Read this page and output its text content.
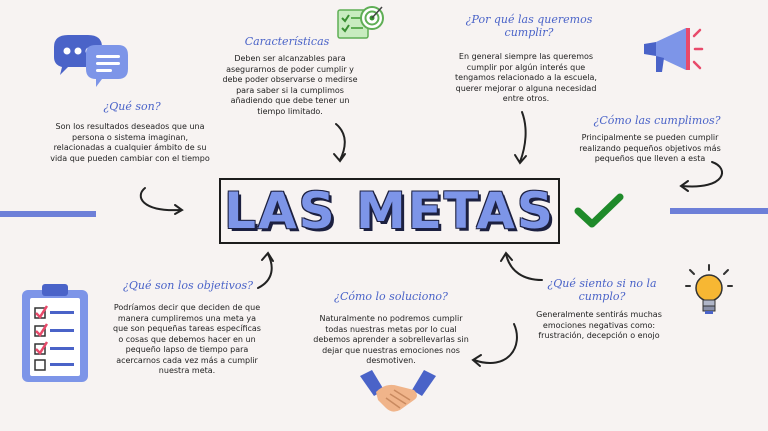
LAS METAS
¿Qué son?
Son los resultados deseados que una persona o sistema imaginan, relacionadas a cualquier ámbito de su vida que pueden cambiar con el tiempo
Características
Deben ser alcanzables para asegurarnos de poder cumplir y debe poder observarse o medirse para saber si la cumplimos añadiendo que debe tener un tiempo limitado.
¿Por qué las queremos cumplir?
En general siempre las queremos cumplir por algún interés que tengamos relacionado a la escuela, querer mejorar o alguna necesidad entre otros.
¿Cómo las cumplimos?
Principalmente se pueden cumplir realizando pequeños objetivos más pequeños que lleven a esta
¿Qué son los objetivos?
Podríamos decir que deciden de que manera cumpliremos una meta ya que son pequeñas tareas específicas o cosas que debemos hacer en un pequeño lapso de tiempo para acercarnos cada vez más a cumplir nuestra meta.
¿Cómo lo soluciono?
Naturalmente no podremos cumplir todas nuestras metas por lo cual debemos aprender a sobrellevarlas sin dejar que nuestras emociones nos desmotiven.
¿Qué siento si no la cumplo?
Generalmente sentirás muchas emociones negativas como: frustración, decepción o enojo
